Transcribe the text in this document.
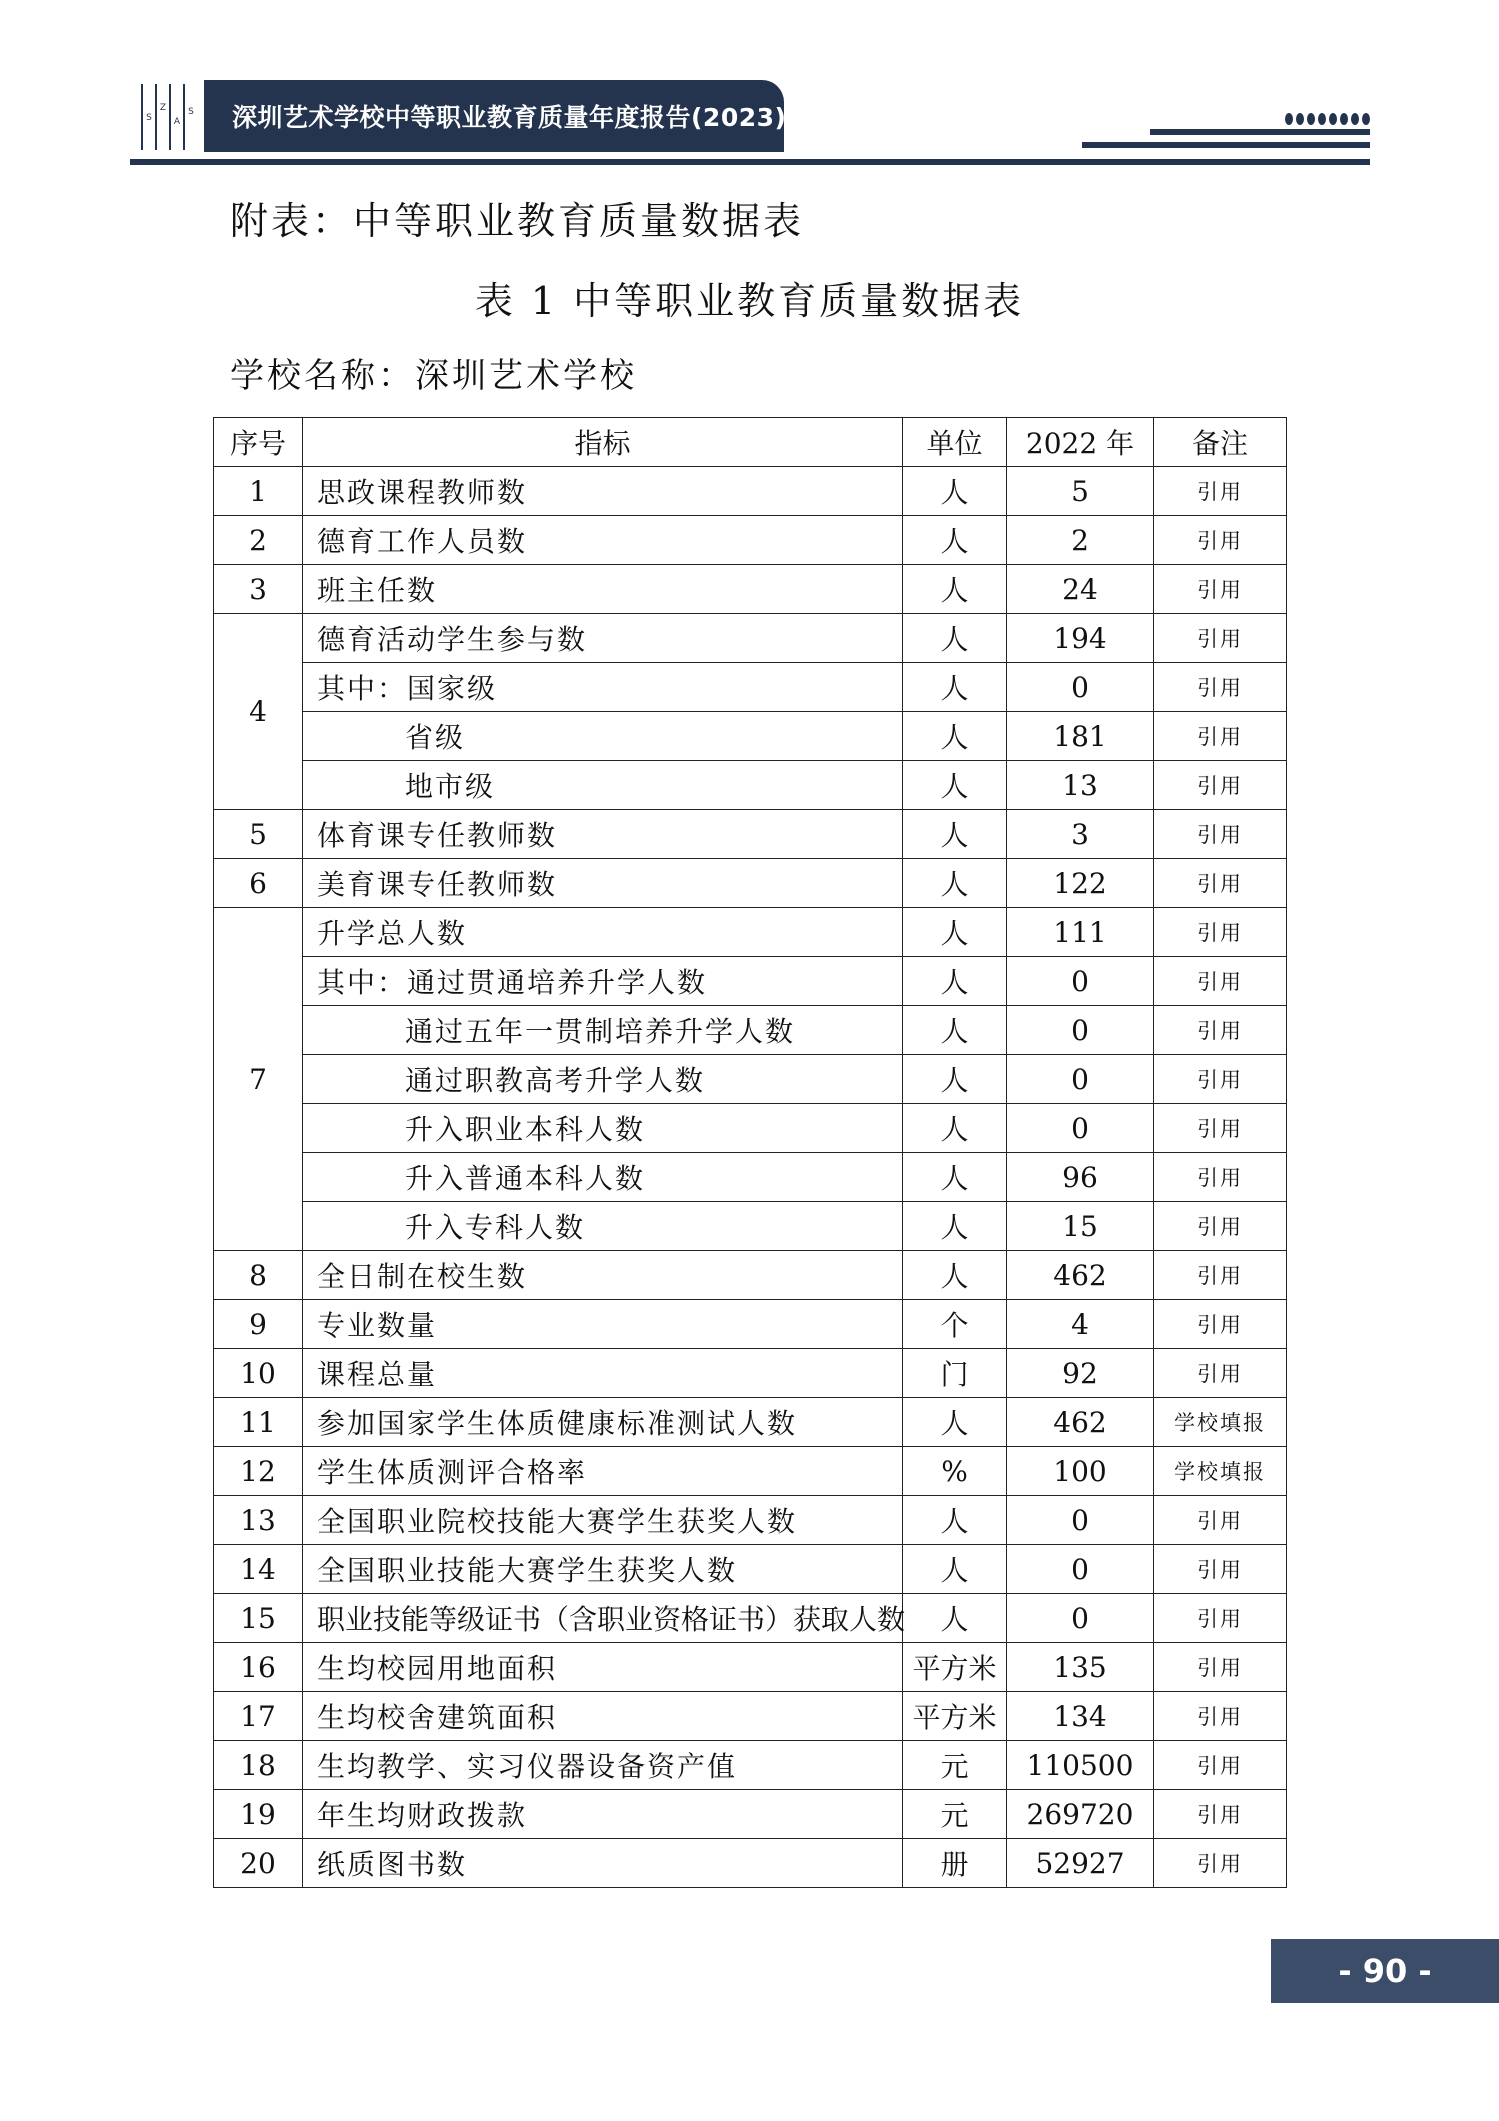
S
Z
A
S 深圳艺术学校中等职业教育质量年度报告(2023)
附表：中等职业教育质量数据表
表 1 中等职业教育质量数据表
学校名称：深圳艺术学校
序号	指标	单位	2022 年	备注
1	思政课程教师数	人	5	引用
2	德育工作人员数	人	2	引用
3	班主任数	人	24	引用
4	德育活动学生参与数	人	194	引用
	其中：国家级	人	0	引用
	省级	人	181	引用
	地市级	人	13	引用
5	体育课专任教师数	人	3	引用
6	美育课专任教师数	人	122	引用
7	升学总人数	人	111	引用
	其中：通过贯通培养升学人数	人	0	引用
	通过五年一贯制培养升学人数	人	0	引用
	通过职教高考升学人数	人	0	引用
	升入职业本科人数	人	0	引用
	升入普通本科人数	人	96	引用
	升入专科人数	人	15	引用
8	全日制在校生数	人	462	引用
9	专业数量	个	4	引用
10	课程总量	门	92	引用
11	参加国家学生体质健康标准测试人数	人	462	学校填报
12	学生体质测评合格率	%	100	学校填报
13	全国职业院校技能大赛学生获奖人数	人	0	引用
14	全国职业技能大赛学生获奖人数	人	0	引用
15	职业技能等级证书（含职业资格证书）获取人数	人	0	引用
16	生均校园用地面积	平方米	135	引用
17	生均校舍建筑面积	平方米	134	引用
18	生均教学、实习仪器设备资产值	元	110500	引用
19	年生均财政拨款	元	269720	引用
20	纸质图书数	册	52927	引用
- 90 -
